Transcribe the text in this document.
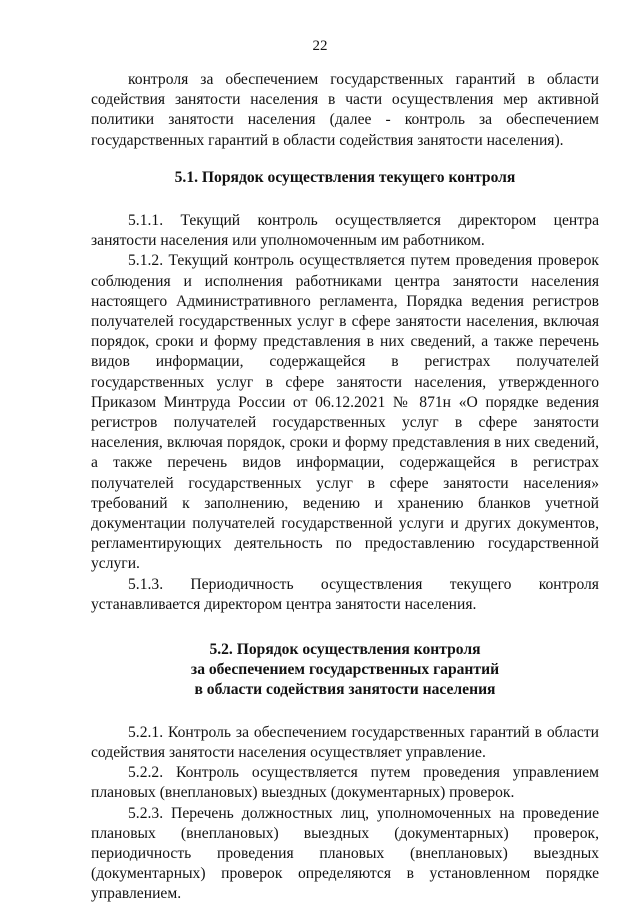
22

контроля за обеспечением государственных гарантий в области содействия занятости населения в части осуществления мер активной политики занятости населения (далее - контроль за обеспечением государственных гарантий в области содействия занятости населения).

5.1. Порядок осуществления текущего контроля

5.1.1. Текущий контроль осуществляется директором центра занятости населения или уполномоченным им работником.

5.1.2. Текущий контроль осуществляется путем проведения проверок соблюдения и исполнения работниками центра занятости населения настоящего Административного регламента, Порядка ведения регистров получателей государственных услуг в сфере занятости населения, включая порядок, сроки и форму представления в них сведений, а также перечень видов информации, содержащейся в регистрах получателей государственных услуг в сфере занятости населения, утвержденного Приказом Минтруда России от 06.12.2021 № 871н «О порядке ведения регистров получателей государственных услуг в сфере занятости населения, включая порядок, сроки и форму представления в них сведений, а также перечень видов информации, содержащейся в регистрах получателей государственных услуг в сфере занятости населения» требований к заполнению, ведению и хранению бланков учетной документации получателей государственной услуги и других документов, регламентирующих деятельность по предоставлению государственной услуги.

5.1.3. Периодичность осуществления текущего контроля устанавливается директором центра занятости населения.

5.2. Порядок осуществления контроля
за обеспечением государственных гарантий
в области содействия занятости населения

5.2.1. Контроль за обеспечением государственных гарантий в области содействия занятости населения осуществляет управление.

5.2.2. Контроль осуществляется путем проведения управлением плановых (внеплановых) выездных (документарных) проверок.

5.2.3. Перечень должностных лиц, уполномоченных на проведение плановых (внеплановых) выездных (документарных) проверок, периодичность проведения плановых (внеплановых) выездных (документарных) проверок определяются в установленном порядке управлением.
